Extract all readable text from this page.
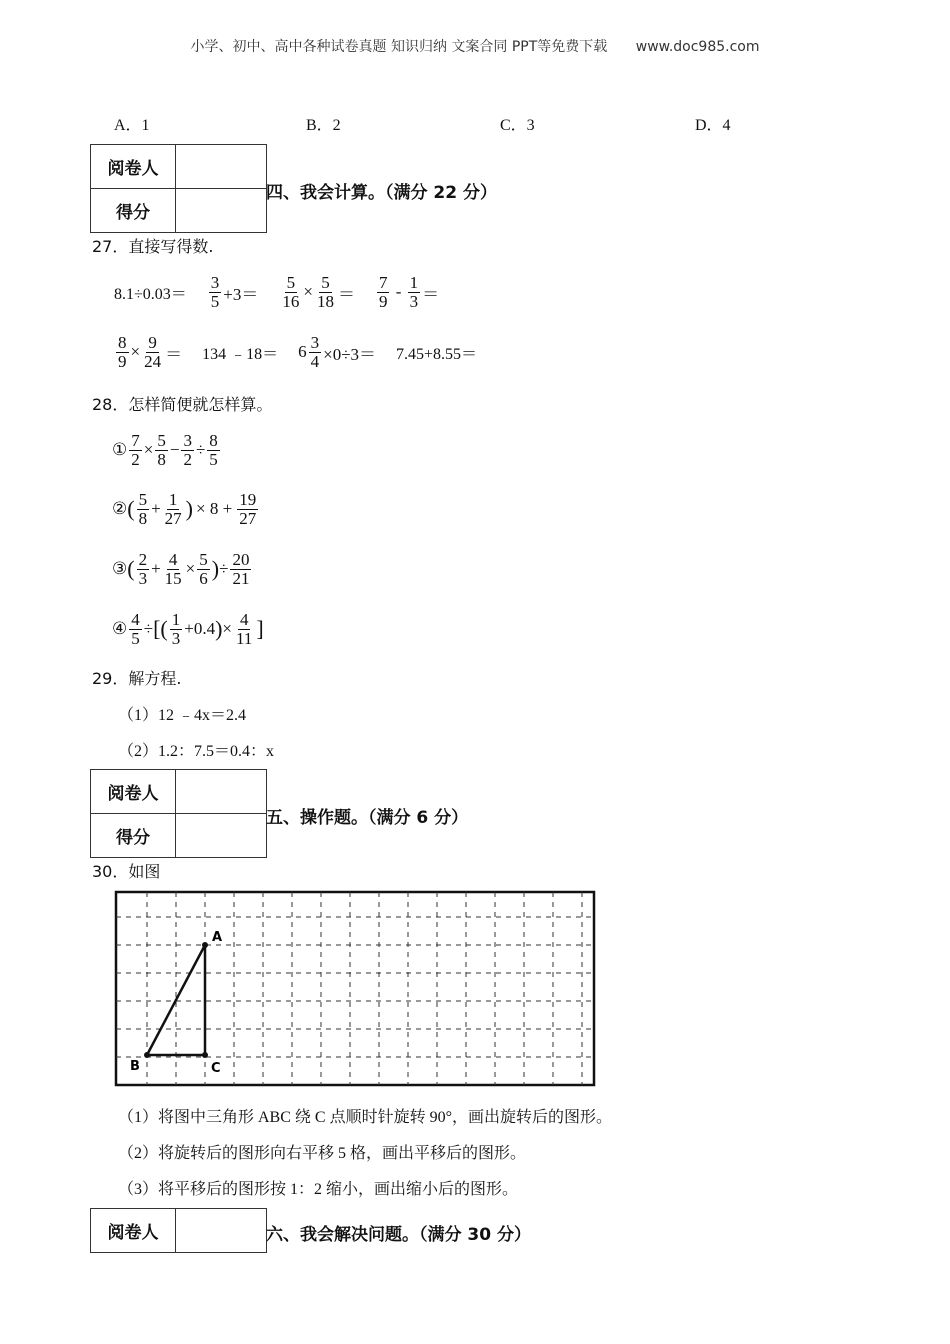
小学、初中、高中各种试卷真题 知识归纳 文案合同 PPT等免费下载 www.doc985.com
A．1	B．2	C．3	D．4
阅卷人	
得分	
四、我会计算。（满分 22 分）
27．直接写得数.
$8.1\div 0.03= \frac{3}{5} +3= \frac{5}{16} \times \frac{5}{18} = \frac{7}{9} - \frac{1}{3}$ ＝
$\frac{8}{9} \times \frac{9}{24} = 134$ ﹣18＝ $6 \frac{3}{4} \times 0\div 3= 7.45+8.55=$
28．怎样简便就怎样算。
① $\frac{7}{2} \times \frac{5}{8} - \frac{3}{2} \div \frac{8}{5}$
② ( $\frac{5}{8} + \frac{1}{27}$ ) × $8 + \frac{19}{27}$
③ ( $\frac{2}{3} + \frac{4}{15} \times \frac{5}{6}$ ) ÷ $\frac{20}{21}$
④ $\frac{4}{5}$ ÷ [ ( $\frac{1}{3} +0.4$ ) × $\frac{4}{11}$ ]
29．解方程.
（1）12 ﹣4x＝2.4
（2）1.2：7.5＝0.4：x
阅卷人	
得分	
五、操作题。（满分 6 分）
30．如图
A
B	C
（1）将图中三角形 ABC 绕 C 点顺时针旋转 90°，画出旋转后的图形。
（2）将旋转后的图形向右平移 5 格，画出平移后的图形。
（3）将平移后的图形按 1：2 缩小，画出缩小后的图形。
阅卷人		六、我会解决问题。（满分 30 分）
